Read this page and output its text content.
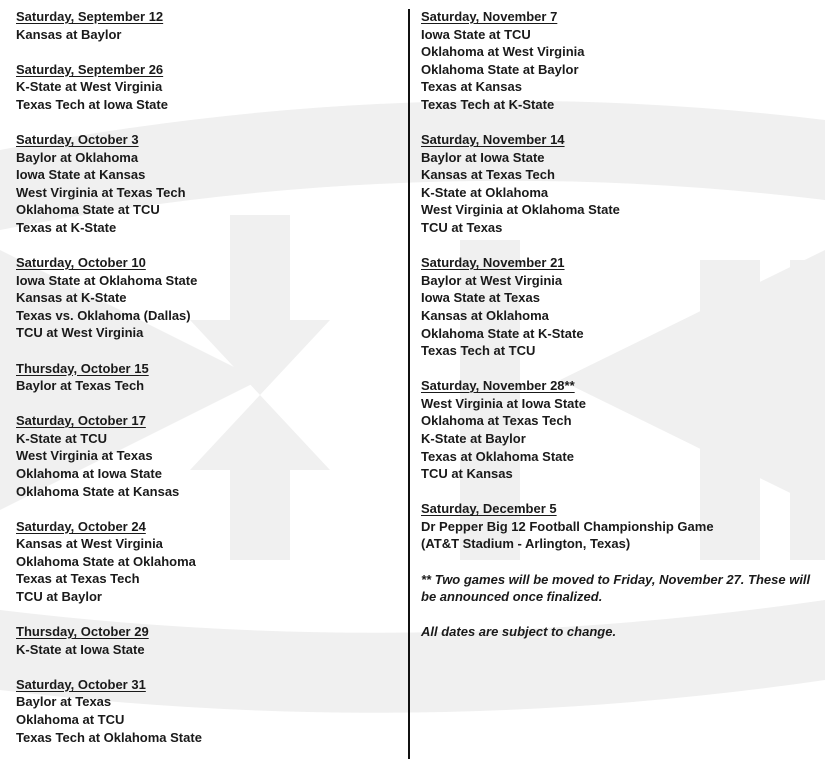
Saturday, September 12
Kansas at Baylor
Saturday, September 26
K-State at West Virginia
Texas Tech at Iowa State
Saturday, October 3
Baylor at Oklahoma
Iowa State at Kansas
West Virginia at Texas Tech
Oklahoma State at TCU
Texas at K-State
Saturday, October 10
Iowa State at Oklahoma State
Kansas at K-State
Texas vs. Oklahoma (Dallas)
TCU at West Virginia
Thursday, October 15
Baylor at Texas Tech
Saturday, October 17
K-State at TCU
West Virginia at Texas
Oklahoma at Iowa State
Oklahoma State at Kansas
Saturday, October 24
Kansas at West Virginia
Oklahoma State at Oklahoma
Texas at Texas Tech
TCU at Baylor
Thursday, October 29
K-State at Iowa State
Saturday, October 31
Baylor at Texas
Oklahoma at TCU
Texas Tech at Oklahoma State
Saturday, November 7
Iowa State at TCU
Oklahoma at West Virginia
Oklahoma State at Baylor
Texas at Kansas
Texas Tech at K-State
Saturday, November 14
Baylor at Iowa State
Kansas at Texas Tech
K-State at Oklahoma
West Virginia at Oklahoma State
TCU at Texas
Saturday, November 21
Baylor at West Virginia
Iowa State at Texas
Kansas at Oklahoma
Oklahoma State at K-State
Texas Tech at TCU
Saturday, November 28**
West Virginia at Iowa State
Oklahoma at Texas Tech
K-State at Baylor
Texas at Oklahoma State
TCU at Kansas
Saturday, December 5
Dr Pepper Big 12 Football Championship Game
(AT&T Stadium - Arlington, Texas)
** Two games will be moved to Friday, November 27. These will be announced once finalized.
All dates are subject to change.
